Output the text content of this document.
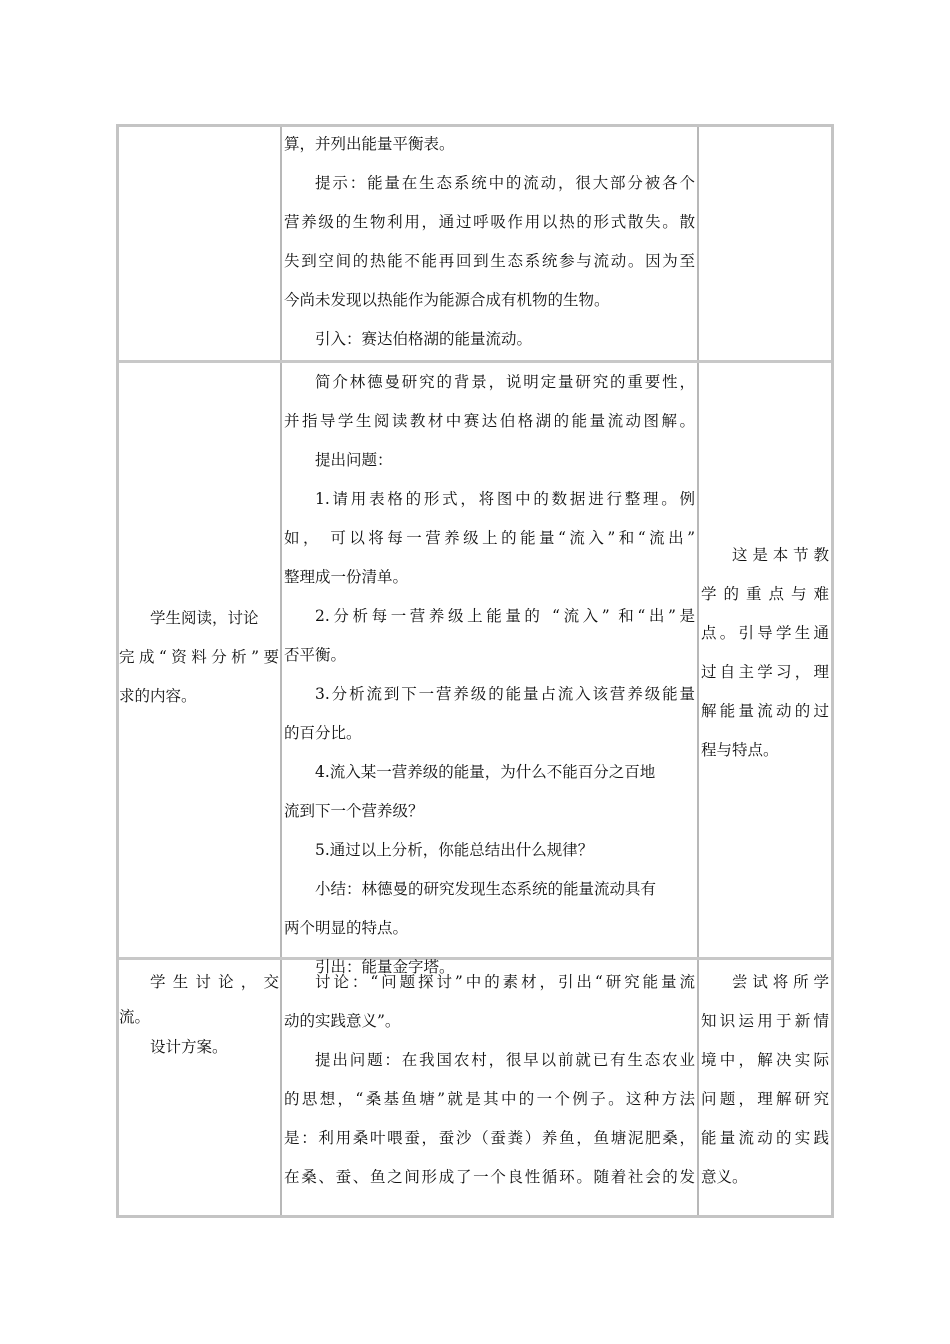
算，并列出能量平衡表。

提示：能量在生态系统中的流动，很大部分被各个

营养级的生物利用，通过呼吸作用以热的形式散失。散

失到空间的热能不能再回到生态系统参与流动。因为至

今尚未发现以热能作为能源合成有机物的生物。

引入：赛达伯格湖的能量流动。

学生阅读，讨论

完成“资料分析”要

求的内容。

简介林德曼研究的背景，说明定量研究的重要性，

并指导学生阅读教材中赛达伯格湖的能量流动图解。

提出问题：

1.请用表格的形式，将图中的数据进行整理。例

如， 可以将每一营养级上的能量“流入”和“流出”

整理成一份清单。

2.分析每一营养级上能量的 “流入” 和“出”是

否平衡。

3.分析流到下一营养级的能量占流入该营养级能量

的百分比。

4.流入某一营养级的能量，为什么不能百分之百地

流到下一个营养级？

5.通过以上分析，你能总结出什么规律？

小结：林德曼的研究发现生态系统的能量流动具有

两个明显的特点。

引出：能量金字塔。

这是本节教

学的重点与难

点。引导学生通

过自主学习，理

解能量流动的过

程与特点。

学生讨论，交

流。

设计方案。

讨论：“问题探讨”中的素材，引出“研究能量流

动的实践意义”。

提出问题：在我国农村，很早以前就已有生态农业

的思想，“桑基鱼塘”就是其中的一个例子。这种方法

是：利用桑叶喂蚕，蚕沙（蚕粪）养鱼，鱼塘泥肥桑，

在桑、蚕、鱼之间形成了一个良性循环。随着社会的发

尝试将所学

知识运用于新情

境中，解决实际

问题，理解研究

能量流动的实践

意义。
